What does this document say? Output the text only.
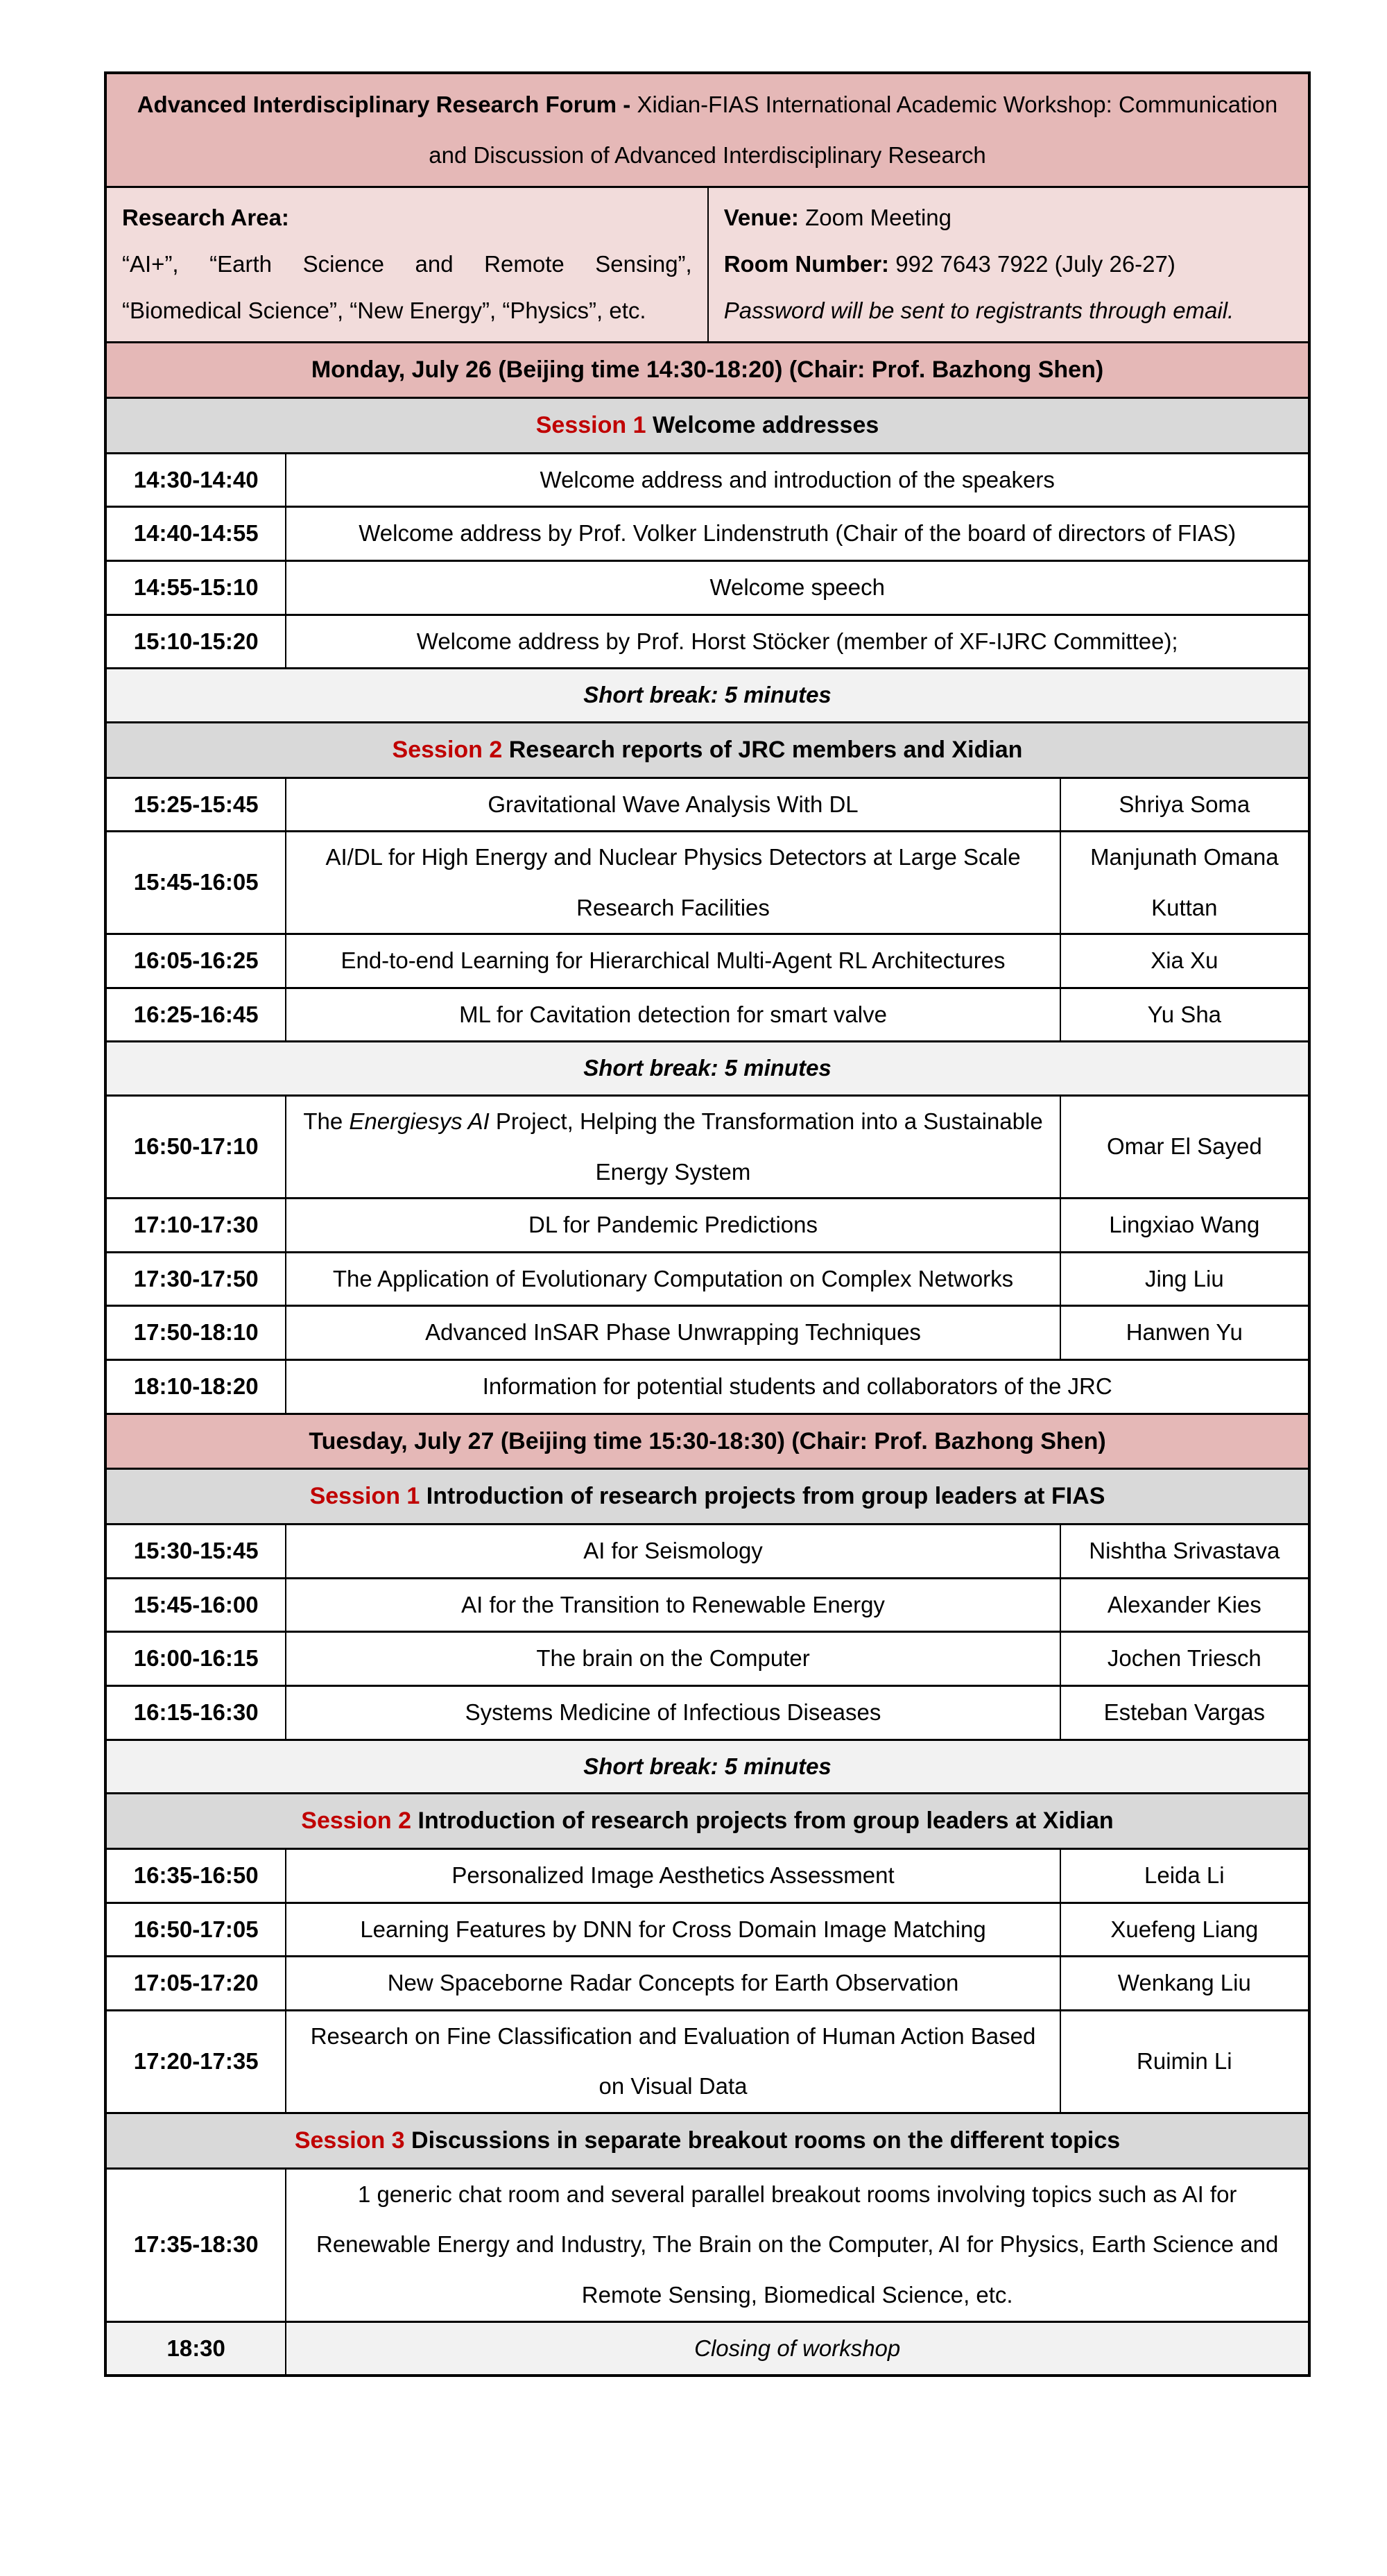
Advanced Interdisciplinary Research Forum - Xidian-FIAS International Academic Workshop: Communication and Discussion of Advanced Interdisciplinary Research		

Research Area:

“AI+”, “Earth Science and Remote Sensing”, “Biomedical Science”, “New Energy”, “Physics”, etc.

Venue: Zoom Meeting

Room Number: 992 7643 7922 (July 26-27)

Password will be sent to registrants through email.		

Monday, July 26 (Beijing time 14:30-18:20) (Chair: Prof. Bazhong Shen)		
Session 1 Welcome addresses		
14:30-14:40	Welcome address and introduction of the speakers	
14:40-14:55	Welcome address by Prof. Volker Lindenstruth (Chair of the board of directors of FIAS)	
14:55-15:10	Welcome speech	
15:10-15:20	Welcome address by Prof. Horst Stöcker (member of XF-IJRC Committee);	
Short break: 5 minutes		
Session 2 Research reports of JRC members and Xidian		
15:25-15:45	Gravitational Wave Analysis With DL	Shriya Soma
15:45-16:05	AI/DL for High Energy and Nuclear Physics Detectors at Large Scale Research Facilities	Manjunath Omana Kuttan
16:05-16:25	End-to-end Learning for Hierarchical Multi-Agent RL Architectures	Xia Xu
16:25-16:45	ML for Cavitation detection for smart valve	Yu Sha
Short break: 5 minutes		
16:50-17:10	The Energiesys AI Project, Helping the Transformation into a Sustainable Energy System	Omar El Sayed
17:10-17:30	DL for Pandemic Predictions	Lingxiao Wang
17:30-17:50	The Application of Evolutionary Computation on Complex Networks	Jing Liu
17:50-18:10	Advanced InSAR Phase Unwrapping Techniques	Hanwen Yu
18:10-18:20	Information for potential students and collaborators of the JRC	
Tuesday, July 27 (Beijing time 15:30-18:30) (Chair: Prof. Bazhong Shen)		
Session 1 Introduction of research projects from group leaders at FIAS		
15:30-15:45	AI for Seismology	Nishtha Srivastava
15:45-16:00	AI for the Transition to Renewable Energy	Alexander Kies
16:00-16:15	The brain on the Computer	Jochen Triesch
16:15-16:30	Systems Medicine of Infectious Diseases	Esteban Vargas
Short break: 5 minutes		
Session 2 Introduction of research projects from group leaders at Xidian		
16:35-16:50	Personalized Image Aesthetics Assessment	Leida Li
16:50-17:05	Learning Features by DNN for Cross Domain Image Matching	Xuefeng Liang
17:05-17:20	New Spaceborne Radar Concepts for Earth Observation	Wenkang Liu
17:20-17:35	Research on Fine Classification and Evaluation of Human Action Based on Visual Data	Ruimin Li
Session 3 Discussions in separate breakout rooms on the different topics		
17:35-18:30	1 generic chat room and several parallel breakout rooms involving topics such as AI for Renewable Energy and Industry, The Brain on the Computer, AI for Physics, Earth Science and Remote Sensing, Biomedical Science, etc.	
18:30	Closing of workshop	
